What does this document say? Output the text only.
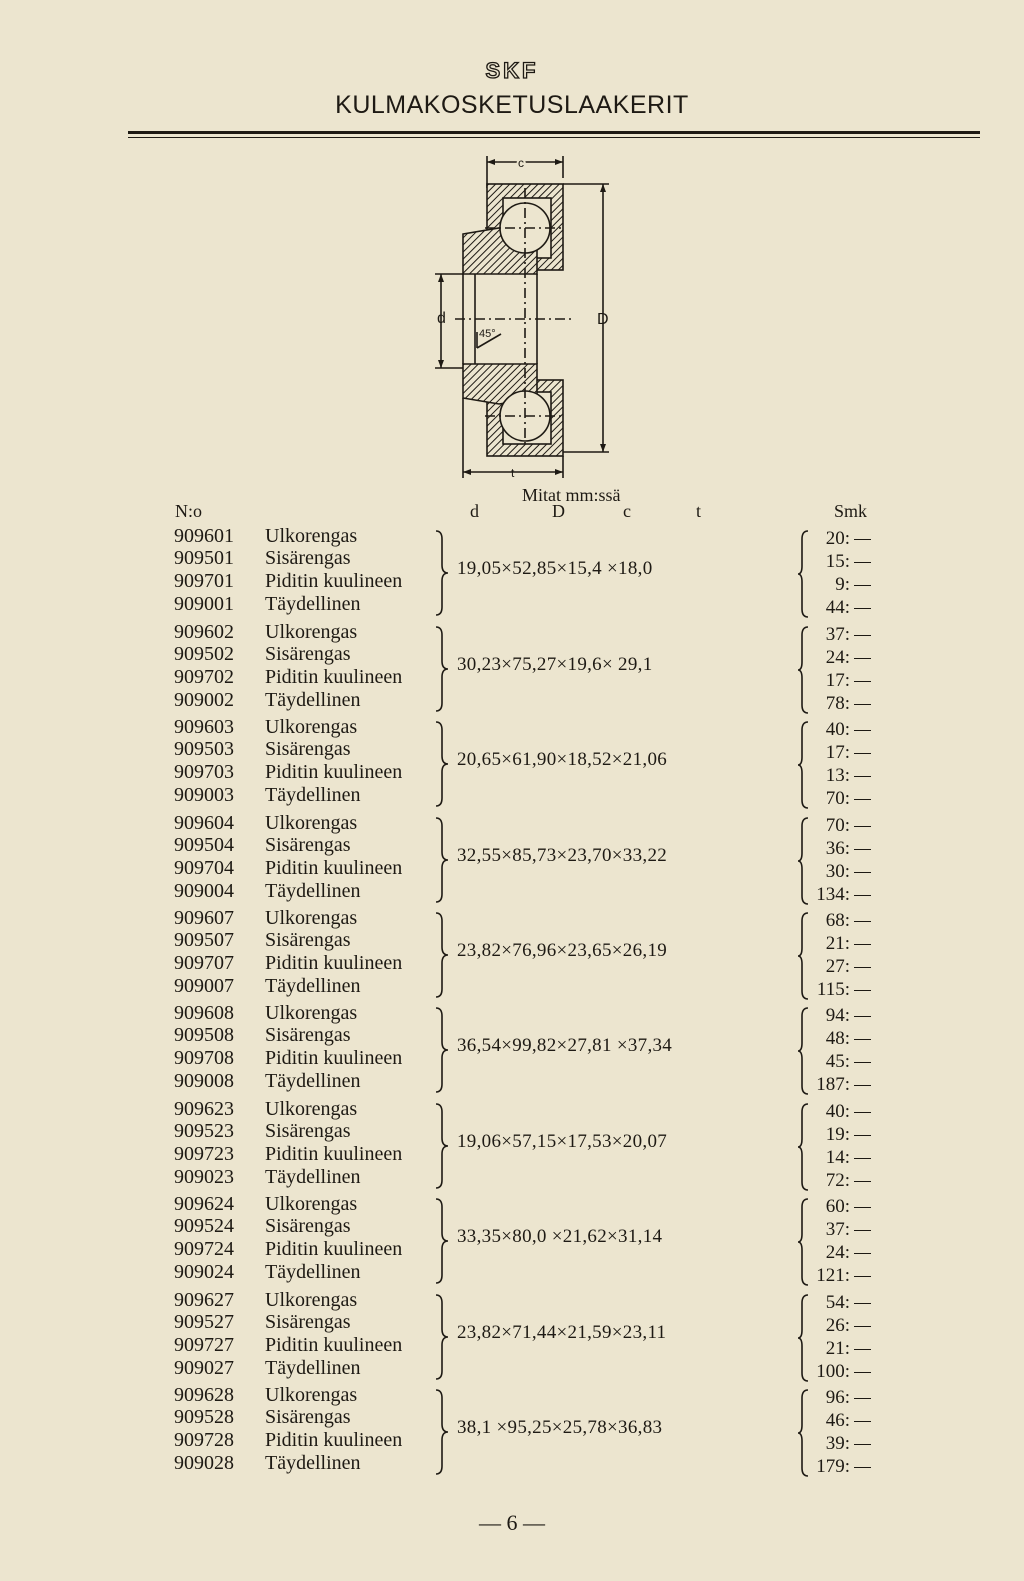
SKF
KULMAKOSKETUSLAAKERIT
c
d	D
t
45°
Mitat mm:ssä
N:o	d	D	c	t	Smk
909601	Ulkorengas	20:
909501	Sisärengas	15:
909701	Piditin kuulineen	9:
909001	Täydellinen	44:
19,05×52,85×15,4 ×18,0
909602	Ulkorengas	37:
909502	Sisärengas	24:
909702	Piditin kuulineen	17:
909002	Täydellinen	78:
30,23×75,27×19,6× 29,1
909603	Ulkorengas	40:
909503	Sisärengas	17:
909703	Piditin kuulineen	13:
909003	Täydellinen	70:
20,65×61,90×18,52×21,06
909604	Ulkorengas	70:
909504	Sisärengas	36:
909704	Piditin kuulineen	30:
909004	Täydellinen	134:
32,55×85,73×23,70×33,22
909607	Ulkorengas	68:
909507	Sisärengas	21:
909707	Piditin kuulineen	27:
909007	Täydellinen	115:
23,82×76,96×23,65×26,19
909608	Ulkorengas	94:
909508	Sisärengas	48:
909708	Piditin kuulineen	45:
909008	Täydellinen	187:
36,54×99,82×27,81 ×37,34
909623	Ulkorengas	40:
909523	Sisärengas	19:
909723	Piditin kuulineen	14:
909023	Täydellinen	72:
19,06×57,15×17,53×20,07
909624	Ulkorengas	60:
909524	Sisärengas	37:
909724	Piditin kuulineen	24:
909024	Täydellinen	121:
33,35×80,0 ×21,62×31,14
909627	Ulkorengas	54:
909527	Sisärengas	26:
909727	Piditin kuulineen	21:
909027	Täydellinen	100:
23,82×71,44×21,59×23,11
909628	Ulkorengas	96:
909528	Sisärengas	46:
909728	Piditin kuulineen	39:
909028	Täydellinen	179:
38,1 ×95,25×25,78×36,83
— 6 —
